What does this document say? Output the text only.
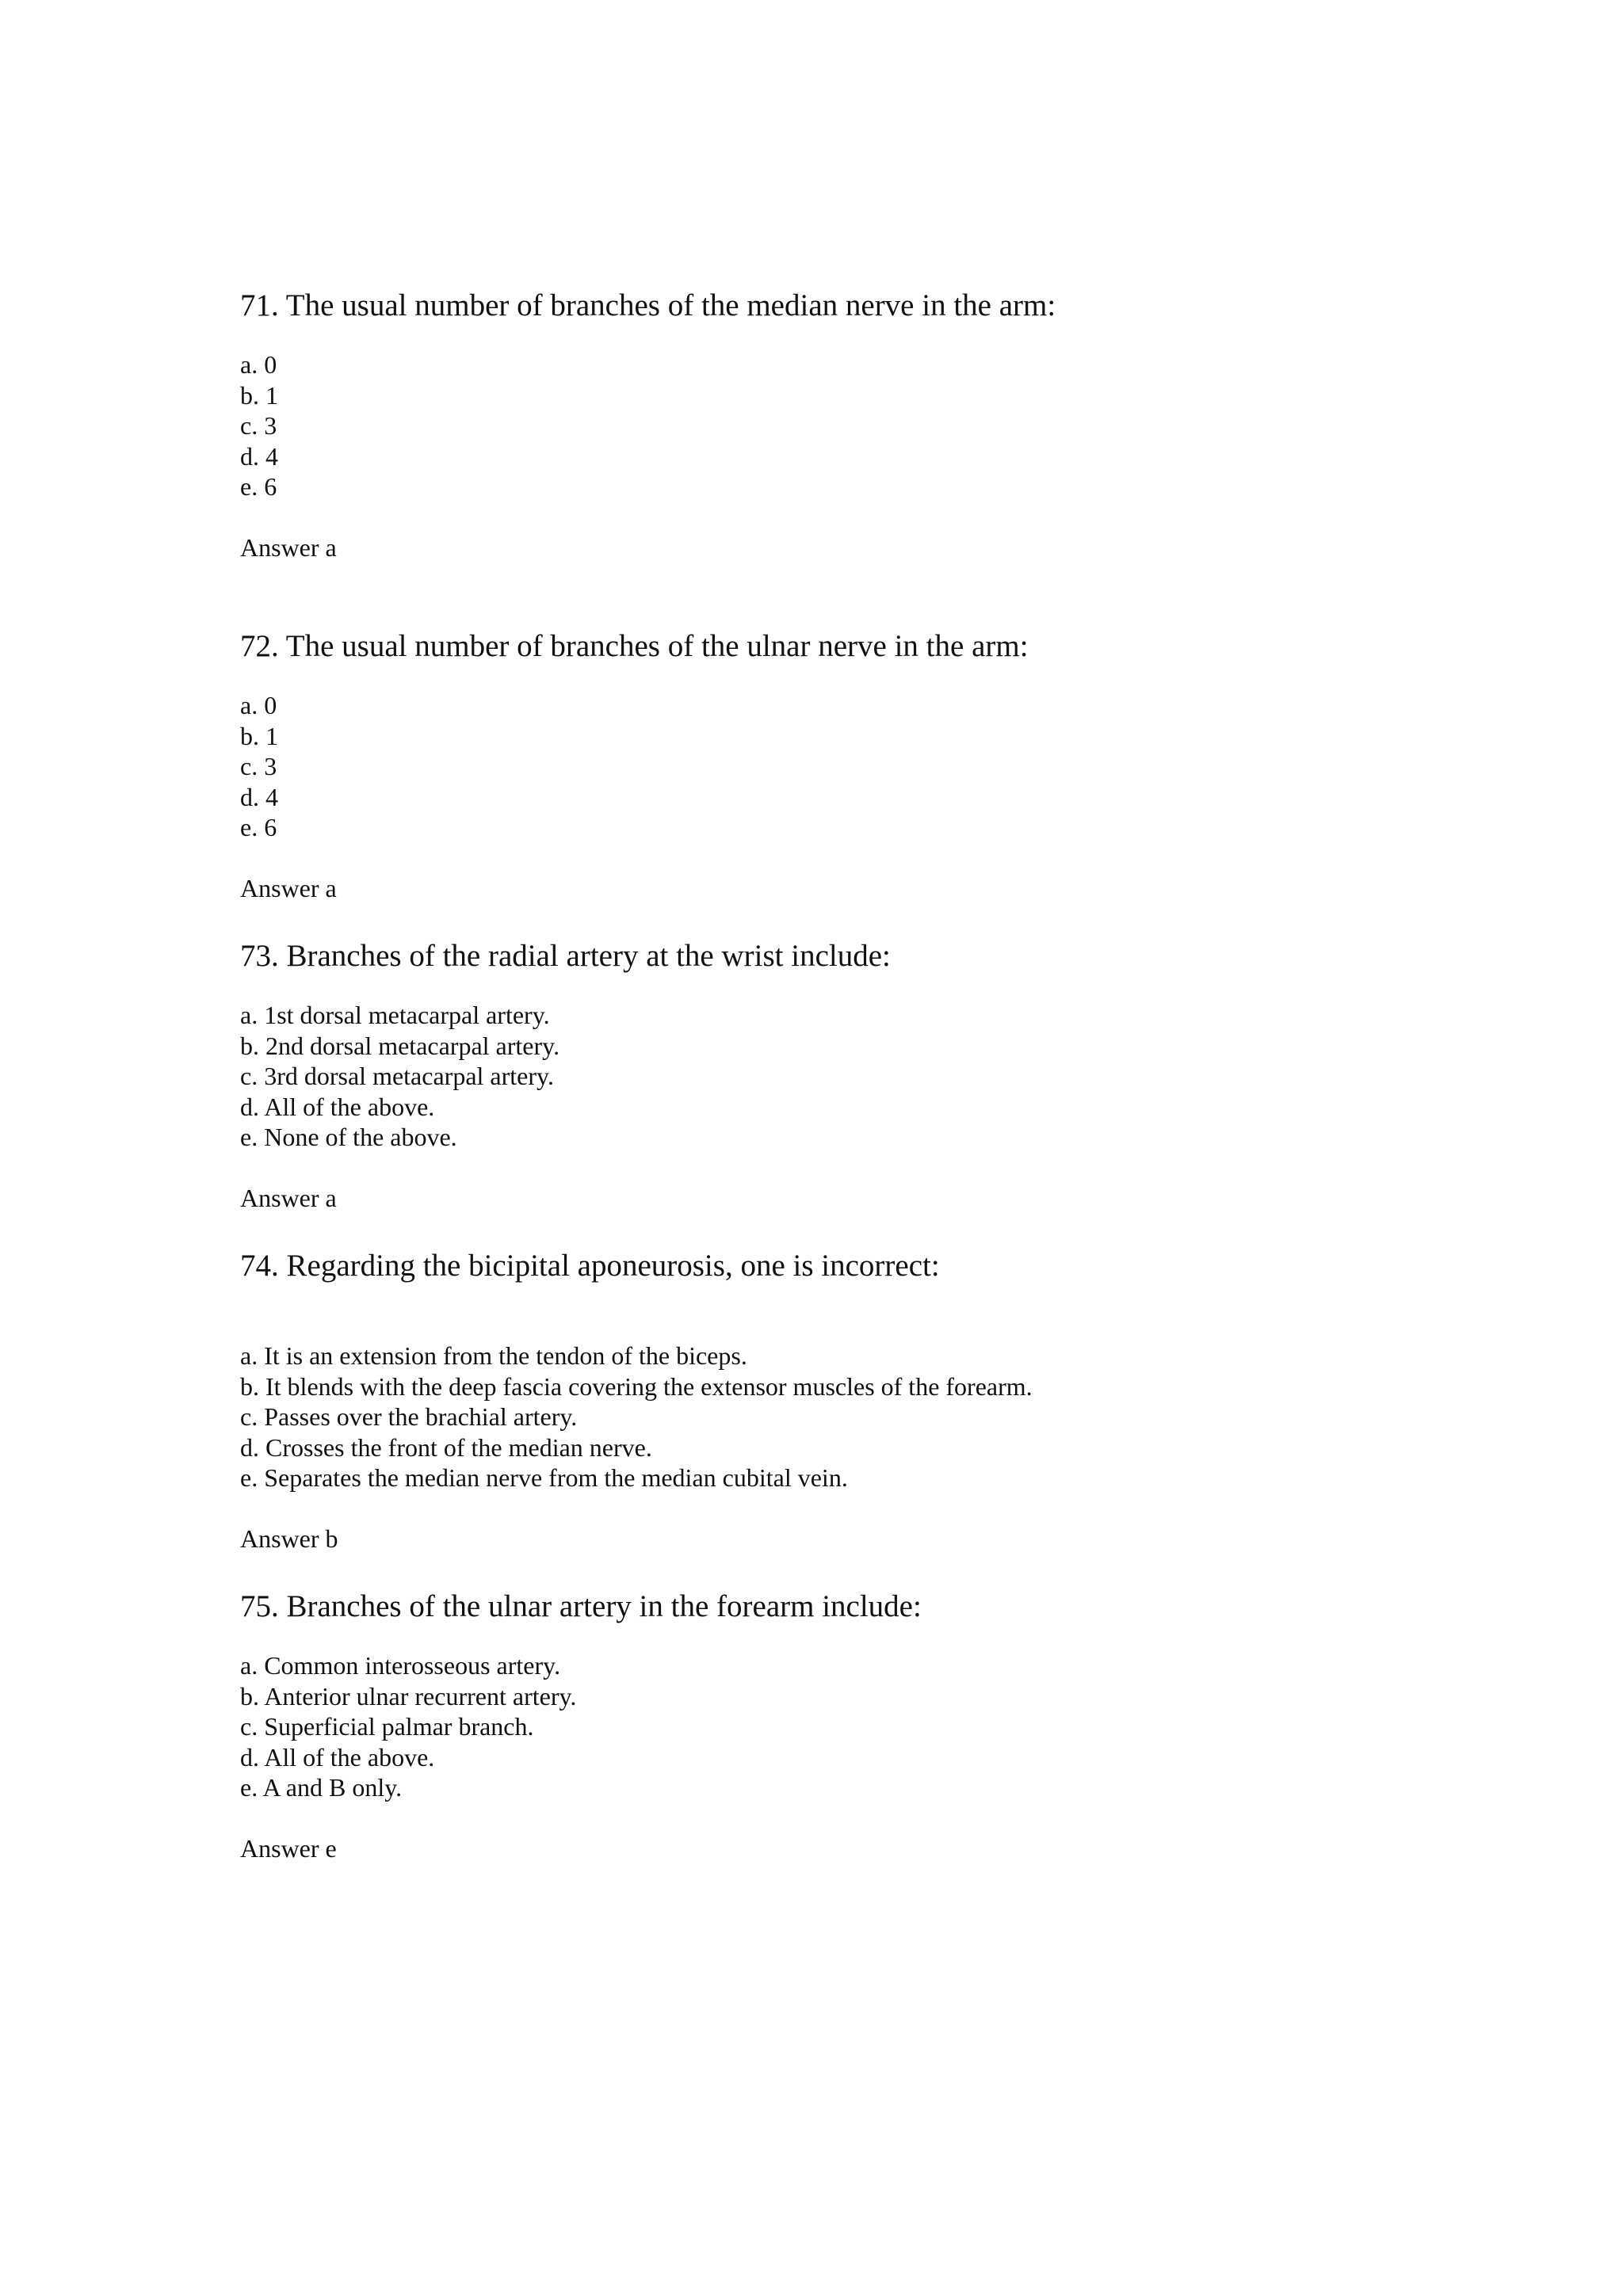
71. The usual number of branches of the median nerve in the arm:

a. 0
b. 1
c. 3
d. 4
e. 6

Answer a

72. The usual number of branches of the ulnar nerve in the arm:

a. 0
b. 1
c. 3
d. 4
e. 6

Answer a

73. Branches of the radial artery at the wrist include:

a. 1st dorsal metacarpal artery.
b. 2nd dorsal metacarpal artery.
c. 3rd dorsal metacarpal artery.
d. All of the above.
e. None of the above.

Answer a

74. Regarding the bicipital aponeurosis, one is incorrect:

a. It is an extension from the tendon of the biceps.
b. It blends with the deep fascia covering the extensor muscles of the forearm.
c. Passes over the brachial artery.
d. Crosses the front of the median nerve.
e. Separates the median nerve from the median cubital vein.

Answer b

75. Branches of the ulnar artery in the forearm include:

a. Common interosseous artery.
b. Anterior ulnar recurrent artery.
c. Superficial palmar branch.
d. All of the above.
e. A and B only.

Answer e
